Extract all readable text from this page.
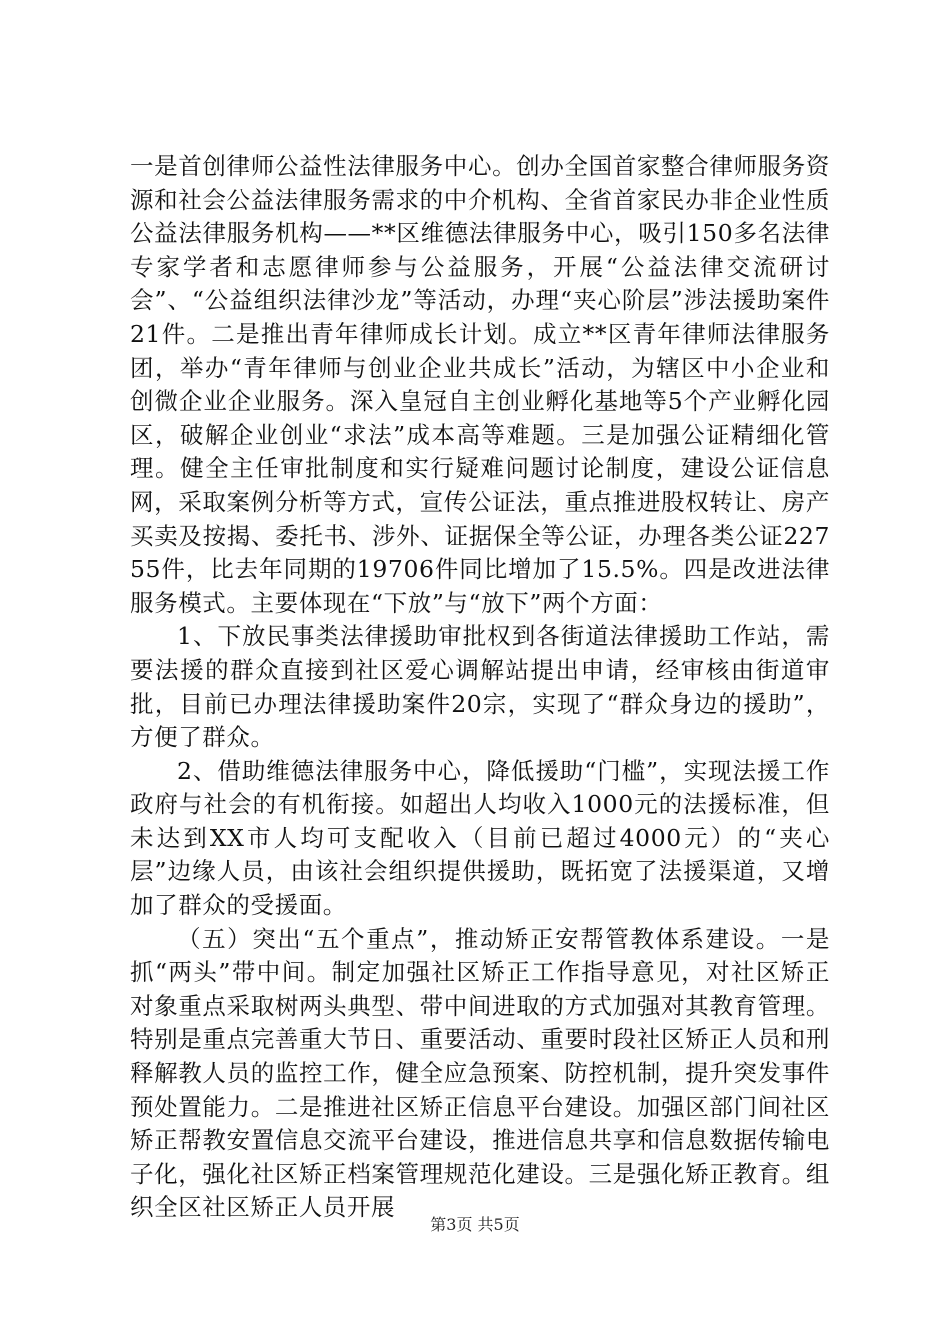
一是首创律师公益性法律服务中心。创办全国首家整合律师服务资源和社会公益法律服务需求的中介机构、全省首家民办非企业性质公益法律服务机构——**区维德法律服务中心，吸引150多名法律专家学者和志愿律师参与公益服务，开展“公益法律交流研讨会”、“公益组织法律沙龙”等活动，办理“夹心阶层”涉法援助案件21件。二是推出青年律师成长计划。成立**区青年律师法律服务团，举办“青年律师与创业企业共成长”活动，为辖区中小企业和创微企业企业服务。深入皇冠自主创业孵化基地等5个产业孵化园区，破解企业创业“求法”成本高等难题。三是加强公证精细化管理。健全主任审批制度和实行疑难问题讨论制度，建设公证信息网，采取案例分析等方式，宣传公证法，重点推进股权转让、房产买卖及按揭、委托书、涉外、证据保全等公证，办理各类公证22755件，比去年同期的19706件同比增加了15.5%。四是改进法律服务模式。主要体现在“下放”与“放下”两个方面：

1、下放民事类法律援助审批权到各街道法律援助工作站，需要法援的群众直接到社区爱心调解站提出申请，经审核由街道审批，目前已办理法律援助案件20宗，实现了“群众身边的援助”，方便了群众。

2、借助维德法律服务中心，降低援助“门槛”，实现法援工作政府与社会的有机衔接。如超出人均收入1000元的法援标准，但未达到XX市人均可支配收入（目前已超过4000元）的“夹心层”边缘人员，由该社会组织提供援助，既拓宽了法援渠道，又增加了群众的受援面。

（五）突出“五个重点”，推动矫正安帮管教体系建设。一是抓“两头”带中间。制定加强社区矫正工作指导意见，对社区矫正对象重点采取树两头典型、带中间进取的方式加强对其教育管理。特别是重点完善重大节日、重要活动、重要时段社区矫正人员和刑释解教人员的监控工作，健全应急预案、防控机制，提升突发事件预处置能力。二是推进社区矫正信息平台建设。加强区部门间社区矫正帮教安置信息交流平台建设，推进信息共享和信息数据传输电子化，强化社区矫正档案管理规范化建设。三是强化矫正教育。组织全区社区矫正人员开展

第3页 共5页
